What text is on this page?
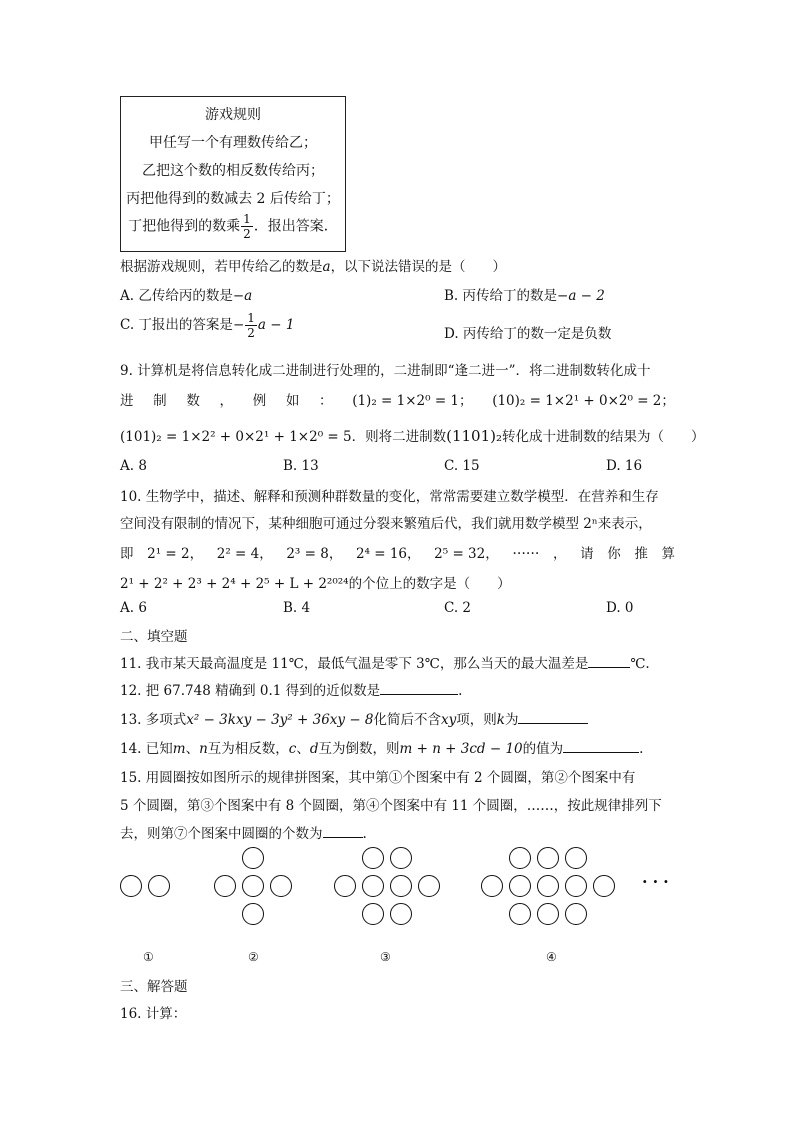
游戏规则
甲任写一个有理数传给乙；
乙把这个数的相反数传给丙；
丙把他得到的数减去 2 后传给丁；
丁把他得到的数乘 $\frac{1}{2}$ ．报出答案．
根据游戏规则，若甲传给乙的数是a，以下说法错误的是（　　）
A. 乙传给丙的数是−a	B. 丙传给丁的数是−a − 2
C. 丁报出的答案是− $\frac{1}{2}$ a − 1
D. 丙传给丁的数一定是负数
9. 计算机是将信息转化成二进制进行处理的，二进制即“逢二进一”．将二进制数转化成十
进 制 数 ， 例 如 ： (1)₂ = 1×2⁰ = 1； (10)₂ = 1×2¹ + 0×2⁰ = 2；
(101)₂ = 1×2² + 0×2¹ + 1×2⁰ = 5．则将二进制数(1101)₂转化成十进制数的结果为（　　）
A. 8	B. 13	C. 15	D. 16
10. 生物学中，描述、解释和预测种群数量的变化，常常需要建立数学模型．在营养和生存
空间没有限制的情况下，某种细胞可通过分裂来繁殖后代，我们就用数学模型 2ⁿ来表示，
即 2¹ = 2， 2² = 4， 2³ = 8， 2⁴ = 16， 2⁵ = 32， …… ， 请 你 推 算
2¹ + 2² + 2³ + 2⁴ + 2⁵ + L + 2²⁰²⁴的个位上的数字是（　　）
A. 6	B. 4	C. 2	D. 0
二、填空题
11. 我市某天最高温度是 11℃，最低气温是零下 3℃，那么当天的最大温差是	℃.
12. 把 67.748 精确到 0.1 得到的近似数是	.
13. 多项式x² − 3kxy − 3y² + 36xy − 8化简后不含xy项，则k为
14. 已知m、n互为相反数，c、d互为倒数，则m + n + 3cd − 10的值为	.
15. 用圆圈按如图所示的规律拼图案，其中第①个图案中有 2 个圆圈，第②个图案中有
5 个圆圈，第③个图案中有 8 个圆圈，第④个图案中有 11 个圆圈，……，按此规律排列下
去，则第⑦个图案中圆圈的个数为	.
···
①	②	③	④
三、解答题
16. 计算：
